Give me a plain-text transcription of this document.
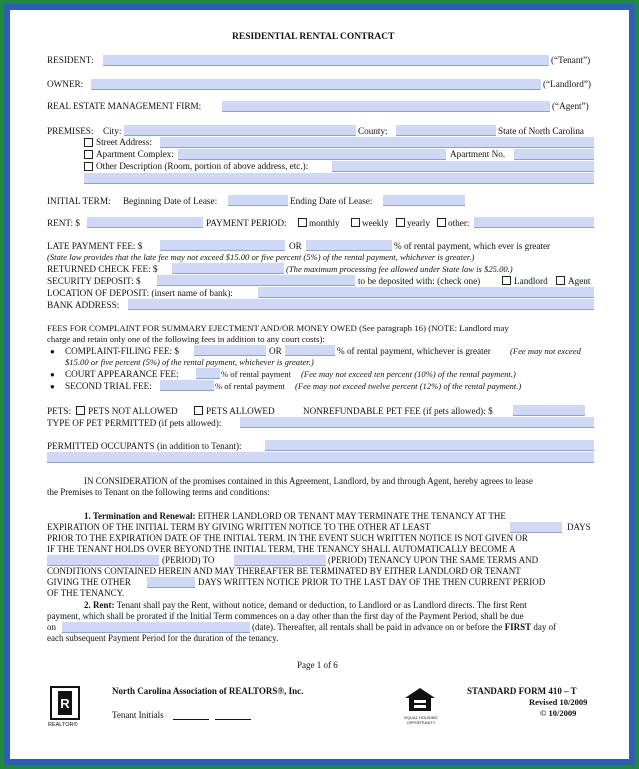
RESIDENTIAL RENTAL CONTRACT
RESIDENT:	(“Tenant”)
OWNER:	(“Landlord”)
REAL ESTATE MANAGEMENT FIRM:	(“Agent”)
PREMISES: City:	County:	State of North Carolina
Street Address:
Apartment Complex:	Apartment No.
Other Description (Room, portion of above address, etc.):
INITIAL TERM: Beginning Date of Lease:	Ending Date of Lease:
RENT: $	PAYMENT PERIOD: monthly weekly yearly other:
LATE PAYMENT FEE: $	OR	% of rental payment, which ever is greater
(State law provides that the late fee may not exceed $15.00 or five percent (5%) of the rental payment, whichever is greater.)
RETURNED CHECK FEE: $	(The maximum processing fee allowed under State law is $25.00.)
SECURITY DEPOSIT: $	to be deposited with: (check one)	Landlord Agent
LOCATION OF DEPOSIT: (insert name of bank):
BANK ADDRESS:
FEES FOR COMPLAINT FOR SUMMARY EJECTMENT AND/OR MONEY OWED (See paragraph 16) (NOTE: Landlord may
charge and retain only one of the following fees in addition to any court costs):
● COMPLAINT-FILING FEE: $	OR	% of rental payment, whichever is greater (Fee may not exceed
$15.00 or five percent (5%) of the rental payment, whichever is greater.)
● COURT APPEARANCE FEE:	% of rental payment (Fee may not exceed ten percent (10%) of the rental payment.)
● SECOND TRIAL FEE:	% of rental payment (Fee may not exceed twelve percent (12%) of the rental payment.)
PETS: PETS NOT ALLOWED	PETS ALLOWED	NONREFUNDABLE PET FEE (if pets allowed): $
TYPE OF PET PERMITTED (if pets allowed):
PERMITTED OCCUPANTS (in addition to Tenant):
IN CONSIDERATION of the promises contained in this Agreement, Landlord, by and through Agent, hereby agrees to lease
the Premises to Tenant on the following terms and conditions:
1. Termination and Renewal: EITHER LANDLORD OR TENANT MAY TERMINATE THE TENANCY AT THE
EXPIRATION OF THE INITIAL TERM BY GIVING WRITTEN NOTICE TO THE OTHER AT LEAST	DAYS
PRIOR TO THE EXPIRATION DATE OF THE INITIAL TERM. IN THE EVENT SUCH WRITTEN NOTICE IS NOT GIVEN OR
IF THE TENANT HOLDS OVER BEYOND THE INITIAL TERM, THE TENANCY SHALL AUTOMATICALLY BECOME A
(PERIOD) TO	(PERIOD) TENANCY UPON THE SAME TERMS AND
CONDITIONS CONTAINED HEREIN AND MAY THEREAFTER BE TERMINATED BY EITHER LANDLORD OR TENANT
GIVING THE OTHER	DAYS WRITTEN NOTICE PRIOR TO THE LAST DAY OF THE THEN CURRENT PERIOD
OF THE TENANCY.
2. Rent: Tenant shall pay the Rent, without notice, demand or deduction, to Landlord or as Landlord directs. The first Rent
payment, which shall be prorated if the Initial Term commences on a day other than the first day of the Payment Period, shall be due
on	(date). Thereafter, all rentals shall be paid in advance on or before the FIRST day of
each subsequent Payment Period for the duration of the tenancy.
Page 1 of 6
R
REALTOR®
North Carolina Association of REALTORS®, Inc.
Tenant Initials	EQUAL HOUSING OPPORTUNITY
STANDARD FORM 410 – T
Revised 10/2009
© 10/2009
